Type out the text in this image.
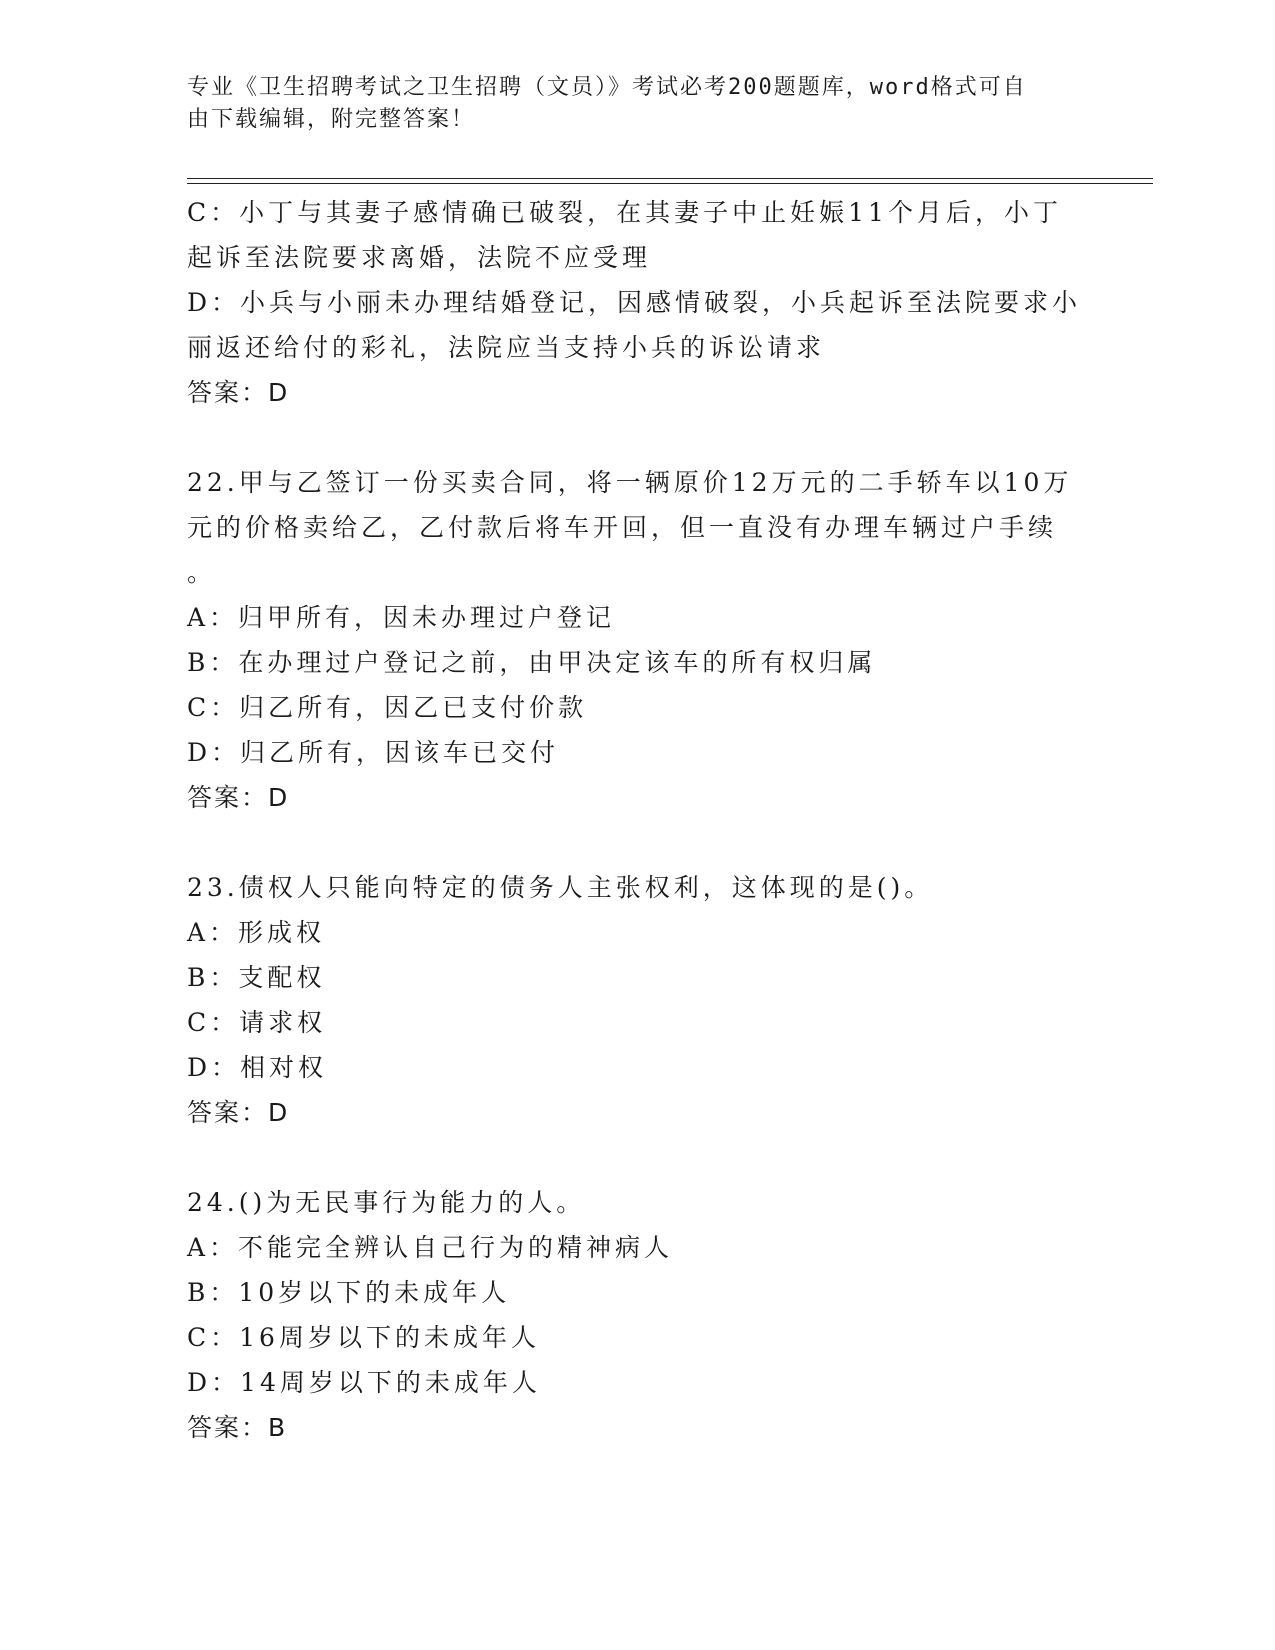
专业《卫生招聘考试之卫生招聘（文员）》考试必考200题题库，word格式可自
由下载编辑，附完整答案！
C：小丁与其妻子感情确已破裂，在其妻子中止妊娠11个月后，小丁
起诉至法院要求离婚，法院不应受理
D：小兵与小丽未办理结婚登记，因感情破裂，小兵起诉至法院要求小
丽返还给付的彩礼，法院应当支持小兵的诉讼请求
答案：D
22.甲与乙签订一份买卖合同，将一辆原价12万元的二手轿车以10万
元的价格卖给乙，乙付款后将车开回，但一直没有办理车辆过户手续
。
A：归甲所有，因未办理过户登记
B：在办理过户登记之前，由甲决定该车的所有权归属
C：归乙所有，因乙已支付价款
D：归乙所有，因该车已交付
答案：D
23.债权人只能向特定的债务人主张权利，这体现的是()。
A：形成权
B：支配权
C：请求权
D：相对权
答案：D
24.()为无民事行为能力的人。
A：不能完全辨认自己行为的精神病人
B：10岁以下的未成年人
C：16周岁以下的未成年人
D：14周岁以下的未成年人
答案：B
